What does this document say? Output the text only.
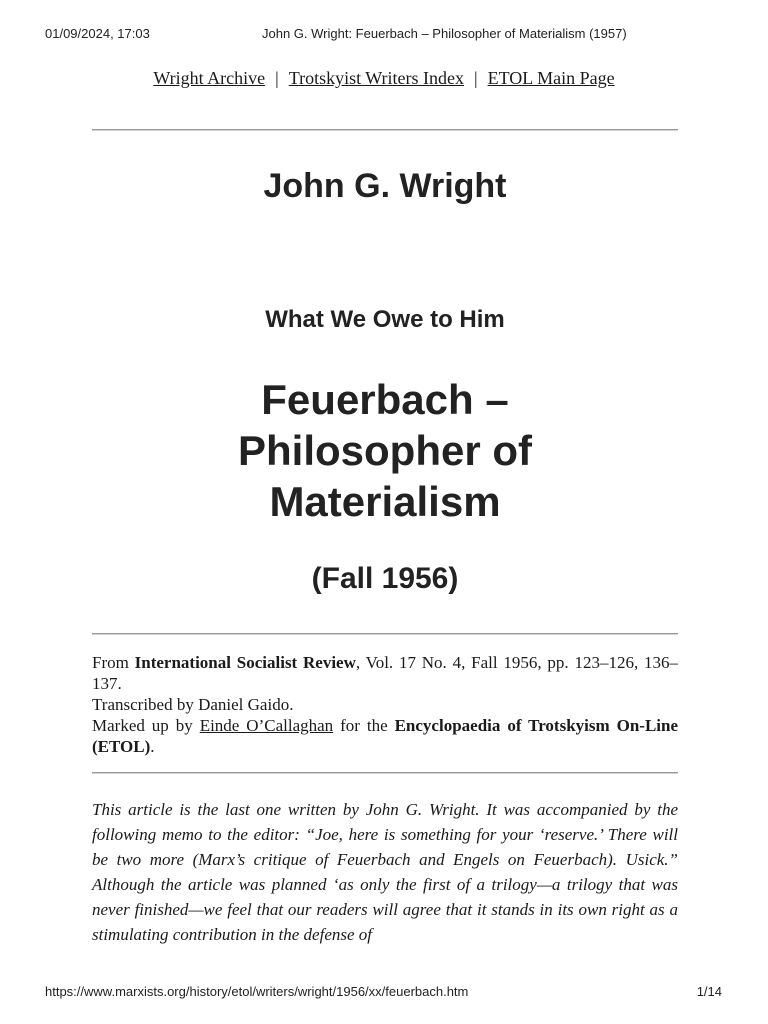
01/09/2024, 17:03	John G. Wright: Feuerbach – Philosopher of Materialism (1957)
Wright Archive | Trotskyist Writers Index | ETOL Main Page
John G. Wright
What We Owe to Him
Feuerbach –
Philosopher of
Materialism
(Fall 1956)

From International Socialist Review, Vol. 17 No. 4, Fall 1956, pp. 123–126, 136–137.

Transcribed by Daniel Gaido.

Marked up by Einde O’Callaghan for the Encyclopaedia of Trotskyism On-Line (ETOL).

This article is the last one written by John G. Wright. It was accompanied by the following memo to the editor: “Joe, here is something for your ‘reserve.’ There will be two more (Marx’s critique of Feuerbach and Engels on Feuerbach). Usick.” Although the article was planned ‘as only the first of a trilogy—a trilogy that was never finished—we feel that our readers will agree that it stands in its own right as a stimulating contribution in the defense of

https://www.marxists.org/history/etol/writers/wright/1956/xx/feuerbach.htm	1/14
